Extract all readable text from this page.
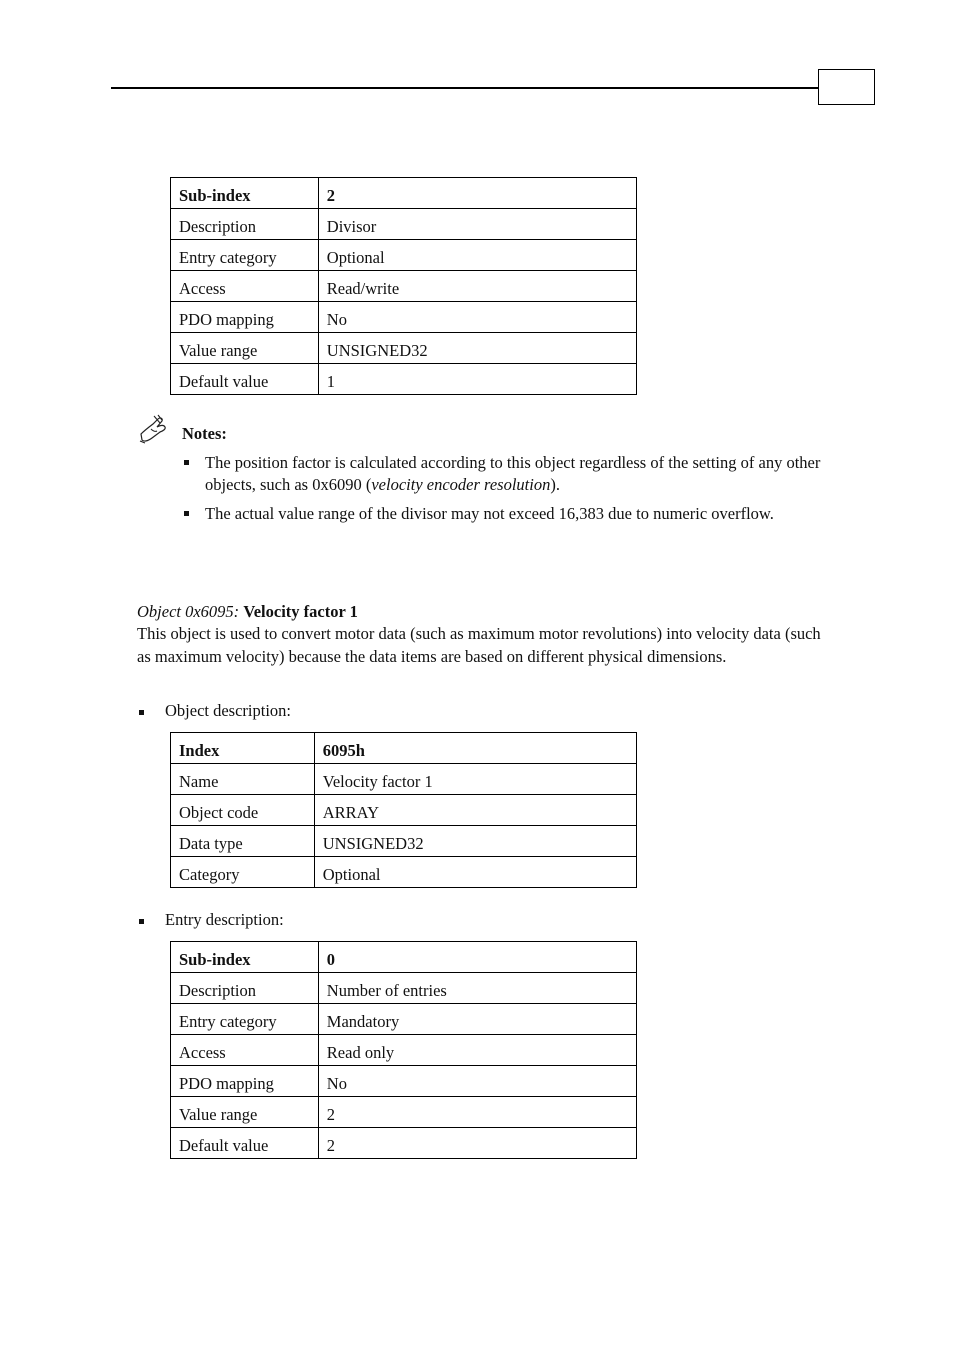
Sub-index	2
Description	Divisor
Entry category	Optional
Access	Read/write
PDO mapping	No
Value range	UNSIGNED32
Default value	1
Notes:
The position factor is calculated according to this object regardless of the setting of any other objects, such as 0x6090 (velocity encoder resolution).
The actual value range of the divisor may not exceed 16,383 due to numeric overflow.
Object 0x6095: Velocity factor 1
This object is used to convert motor data (such as maximum motor revolutions) into velocity data (such as maximum velocity) because the data items are based on different physical dimensions.
Object description:
Index	6095h
Name	Velocity factor 1
Object code	ARRAY
Data type	UNSIGNED32
Category	Optional
Entry description:
Sub-index	0
Description	Number of entries
Entry category	Mandatory
Access	Read only
PDO mapping	No
Value range	2
Default value	2
